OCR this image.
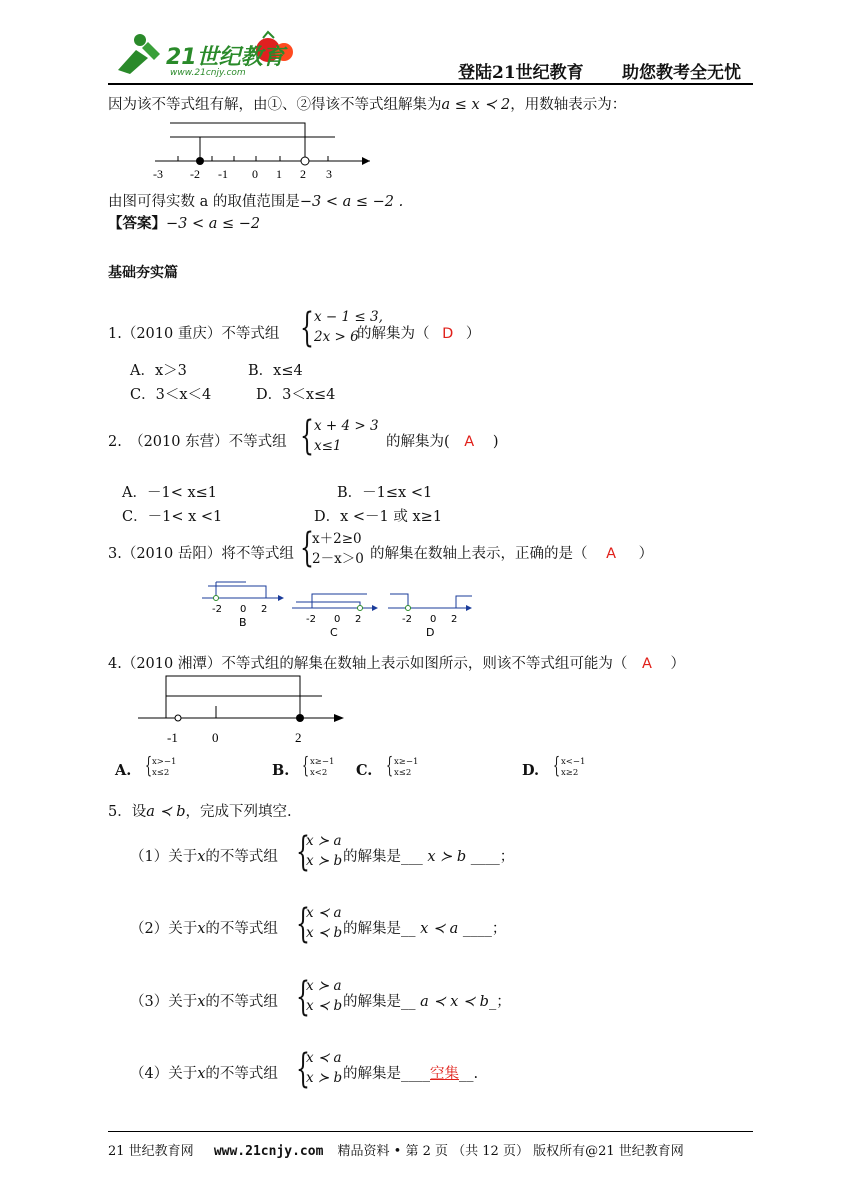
21世纪教育
www.21cnjy.com	登陆21世纪教育 助您教考全无忧
因为该不等式组有解，由①、②得该不等式组解集为a ≤ x ≺ 2，用数轴表示为：
-3 -2 -1 0 1 2 3
由图可得实数 a 的取值范围是−3 < a ≤ −2 .
【答案】−3 < a ≤ −2
基础夯实篇
1.（2010 重庆）不等式组 { x − 1 ≤ 3,
2x > 6
的解集为（ D ）
A．x＞3	B．x≤4
C．3＜x＜4	D．3＜x≤4
2.　（2010 东营）不等式组 { x + 4 > 3
x≤1	的解集为( A )
A．－1< x≤1	B．－1≤x <1
C．－1< x <1	D．x <－1 或 x≥1
3.（2010 岳阳）将不等式组 {
x＋2≥0
2－x＞0 的解集在数轴上表示，正确的是（ A ）
-2 0 2
B	-2 0 2
C
-2 0 2
D
4.（2010 湘潭）不等式组的解集在数轴上表示如图所示，则该不等式组可能为（ A ）
-1	0	2
A. { x>−1
x≤2	B. { x≥−1
x<2	C. { x≥−1
x≤2	D. { x<−1
x≥2
5．设a ≺ b，完成下列填空.
（1）关于x的不等式组 {
x ≻ a
x ≻ b 的解集是___ x ≻ b ____；
（2）关于x的不等式组 {
x ≺ a
x ≺ b 的解集是__ x ≺ a ____；
（3）关于x的不等式组 {
x ≻ a
x ≺ b 的解集是__ a ≺ x ≺ b_；
（4）关于x的不等式组 {
x ≺ a
x ≻ b 的解集是____空集__.
21 世纪教育网 www.21cnjy.com 精品资料 • 第 2 页 （共 12 页） 版权所有@21 世纪教育网
